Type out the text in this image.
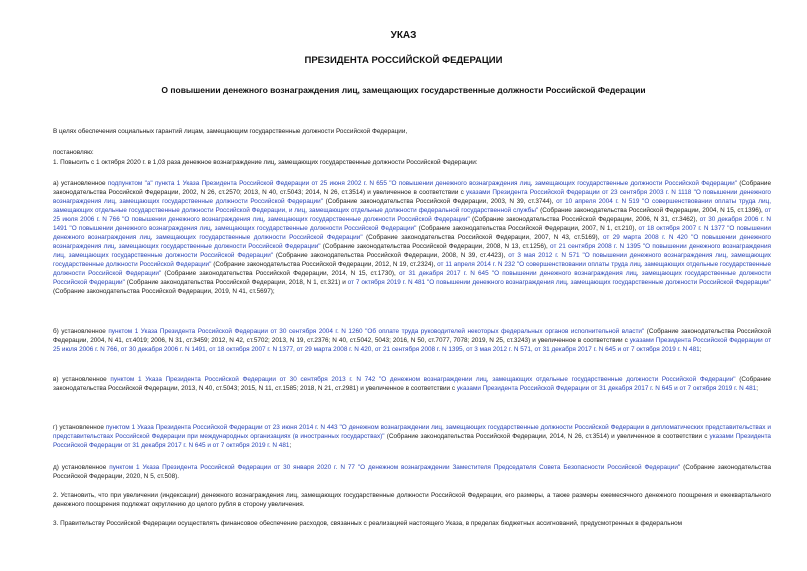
УКАЗ
ПРЕЗИДЕНТА РОССИЙСКОЙ ФЕДЕРАЦИИ
О повышении денежного вознаграждения лиц, замещающих государственные должности Российской Федерации

В целях обеспечения социальных гарантий лицам, замещающим государственные должности Российской Федерации,

постановляю:

1. Повысить с 1 октября 2020 г. в 1,03 раза денежное вознаграждение лиц, замещающих государственные должности Российской Федерации:

а) установленное подпунктом "а" пункта 1 Указа Президента Российской Федерации от 25 июня 2002 г. N 655 "О повышении денежного вознаграждения лиц, замещающих государственные должности Российской Федерации" (Собрание законодательства Российской Федерации, 2002, N 26, ст.2570; 2013, N 40, ст.5043; 2014, N 26, ст.3514) и увеличенное в соответствии с указами Президента Российской Федерации от 23 сентября 2003 г. N 1118 "О повышении денежного вознаграждения лиц, замещающих государственные должности Российской Федерации" (Собрание законодательства Российской Федерации, 2003, N 39, ст.3744), от 10 апреля 2004 г. N 519 "О совершенствовании оплаты труда лиц, замещающих отдельные государственные должности Российской Федерации, и лиц, замещающих отдельные должности федеральной государственной службы" (Собрание законодательства Российской Федерации, 2004, N 15, ст.1396), от 25 июля 2006 г. N 766 "О повышении денежного вознаграждения лиц, замещающих государственные должности Российской Федерации" (Собрание законодательства Российской Федерации, 2006, N 31, ст.3462), от 30 декабря 2006 г. N 1491 "О повышении денежного вознаграждения лиц, замещающих государственные должности Российской Федерации" (Собрание законодательства Российской Федерации, 2007, N 1, ст.210), от 18 октября 2007 г. N 1377 "О повышении денежного вознаграждения лиц, замещающих государственные должности Российской Федерации" (Собрание законодательства Российской Федерации, 2007, N 43, ст.5169), от 29 марта 2008 г. N 420 "О повышении денежного вознаграждения лиц, замещающих государственные должности Российской Федерации" (Собрание законодательства Российской Федерации, 2008, N 13, ст.1256), от 21 сентября 2008 г. N 1395 "О повышении денежного вознаграждения лиц, замещающих государственные должности Российской Федерации" (Собрание законодательства Российской Федерации, 2008, N 39, ст.4423), от 3 мая 2012 г. N 571 "О повышении денежного вознаграждения лиц, замещающих государственные должности Российской Федерации" (Собрание законодательства Российской Федерации, 2012, N 19, ст.2324), от 11 апреля 2014 г. N 232 "О совершенствовании оплаты труда лиц, замещающих отдельные государственные должности Российской Федерации" (Собрание законодательства Российской Федерации, 2014, N 15, ст.1730), от 31 декабря 2017 г. N 645 "О повышении денежного вознаграждения лиц, замещающих государственные должности Российской Федерации" (Собрание законодательства Российской Федерации, 2018, N 1, ст.321) и от 7 октября 2019 г. N 481 "О повышении денежного вознаграждения лиц, замещающих государственные должности Российской Федерации" (Собрание законодательства Российской Федерации, 2019, N 41, ст.5697);

б) установленное пунктом 1 Указа Президента Российской Федерации от 30 сентября 2004 г. N 1260 "Об оплате труда руководителей некоторых федеральных органов исполнительной власти" (Собрание законодательства Российской Федерации, 2004, N 41, ст.4019; 2006, N 31, ст.3459; 2012, N 42, ст.5702; 2013, N 19, ст.2376; N 40, ст.5042, 5043; 2016, N 50, ст.7077, 7078; 2019, N 25, ст.3243) и увеличенное в соответствии с указами Президента Российской Федерации от 25 июля 2006 г. N 766, от 30 декабря 2006 г. N 1491, от 18 октября 2007 г. N 1377, от 29 марта 2008 г. N 420, от 21 сентября 2008 г. N 1395, от 3 мая 2012 г. N 571, от 31 декабря 2017 г. N 645 и от 7 октября 2019 г. N 481;

в) установленное пунктом 1 Указа Президента Российской Федерации от 30 сентября 2013 г. N 742 "О денежном вознаграждении лиц, замещающих отдельные государственные должности Российской Федерации" (Собрание законодательства Российской Федерации, 2013, N 40, ст.5043; 2015, N 11, ст.1585; 2018, N 21, ст.2981) и увеличенное в соответствии с указами Президента Российской Федерации от 31 декабря 2017 г. N 645 и от 7 октября 2019 г. N 481;

г) установленное пунктом 1 Указа Президента Российской Федерации от 23 июня 2014 г. N 443 "О денежном вознаграждении лиц, замещающих государственные должности Российской Федерации в дипломатических представительствах и представительствах Российской Федерации при международных организациях (в иностранных государствах)" (Собрание законодательства Российской Федерации, 2014, N 26, ст.3514) и увеличенное в соответствии с указами Президента Российской Федерации от 31 декабря 2017 г. N 645 и от 7 октября 2019 г. N 481;

д) установленное пунктом 1 Указа Президента Российской Федерации от 30 января 2020 г. N 77 "О денежном вознаграждении Заместителя Председателя Совета Безопасности Российской Федерации" (Собрание законодательства Российской Федерации, 2020, N 5, ст.508).

2. Установить, что при увеличении (индексации) денежного вознаграждения лиц, замещающих государственные должности Российской Федерации, его размеры, а также размеры ежемесячного денежного поощрения и ежеквартального денежного поощрения подлежат округлению до целого рубля в сторону увеличения.

3. Правительству Российской Федерации осуществлять финансовое обеспечение расходов, связанных с реализацией настоящего Указа, в пределах бюджетных ассигнований, предусмотренных в федеральном
